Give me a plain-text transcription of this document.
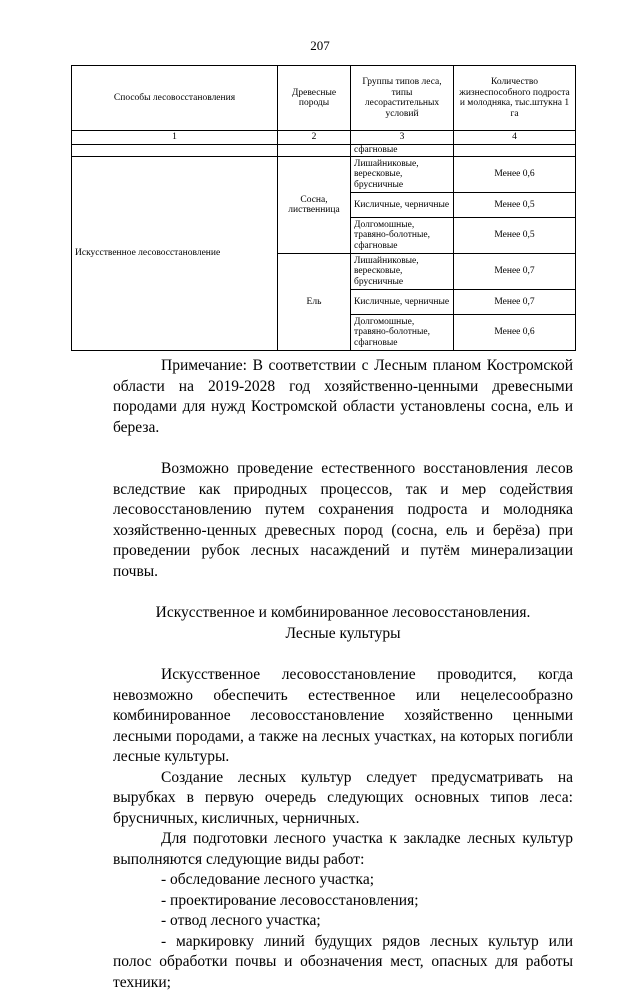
207
Способы лесовосстановления	Древесные породы	Группы типов леса, типы лесорастительных условий	Количество жизнеспособного подроста и молодняка, тыс.штукна 1 га
1	2	3	4
		сфагновые	
Искусственное лесовосстановление	Сосна, лиственница	Лишайниковые, вересковые, брусничные	Менее 0,6
		Кисличные, черничные	Менее 0,5
		Долгомошные, травяно-болотные, сфагновые	Менее 0,5
	Ель	Лишайниковые, вересковые, брусничные	Менее 0,7
		Кисличные, черничные	Менее 0,7
		Долгомошные, травяно-болотные, сфагновые	Менее 0,6

Примечание: В соответствии с Лесным планом Костромской области на 2019-2028 год хозяйственно-ценными древесными породами для нужд Костромской области установлены сосна, ель и береза.

Возможно проведение естественного восстановления лесов вследствие как природных процессов, так и мер содействия лесовосстановлению путем сохранения подроста и молодняка хозяйственно-ценных древесных пород (сосна, ель и берёза) при проведении рубок лесных насаждений и путём минерализации почвы.

Искусственное и комбинированное лесовосстановления.

Лесные культуры

Искусственное лесовосстановление проводится, когда невозможно обеспечить естественное или нецелесообразно комбинированное лесовосстановление хозяйственно ценными лесными породами, а также на лесных участках, на которых погибли лесные культуры.

Создание лесных культур следует предусматривать на вырубках в первую очередь следующих основных типов леса: брусничных, кисличных, черничных.

Для подготовки лесного участка к закладке лесных культур выполняются следующие виды работ:

- обследование лесного участка;

- проектирование лесовосстановления;

- отвод лесного участка;

- маркировку линий будущих рядов лесных культур или полос обработки почвы и обозначения мест, опасных для работы техники;
